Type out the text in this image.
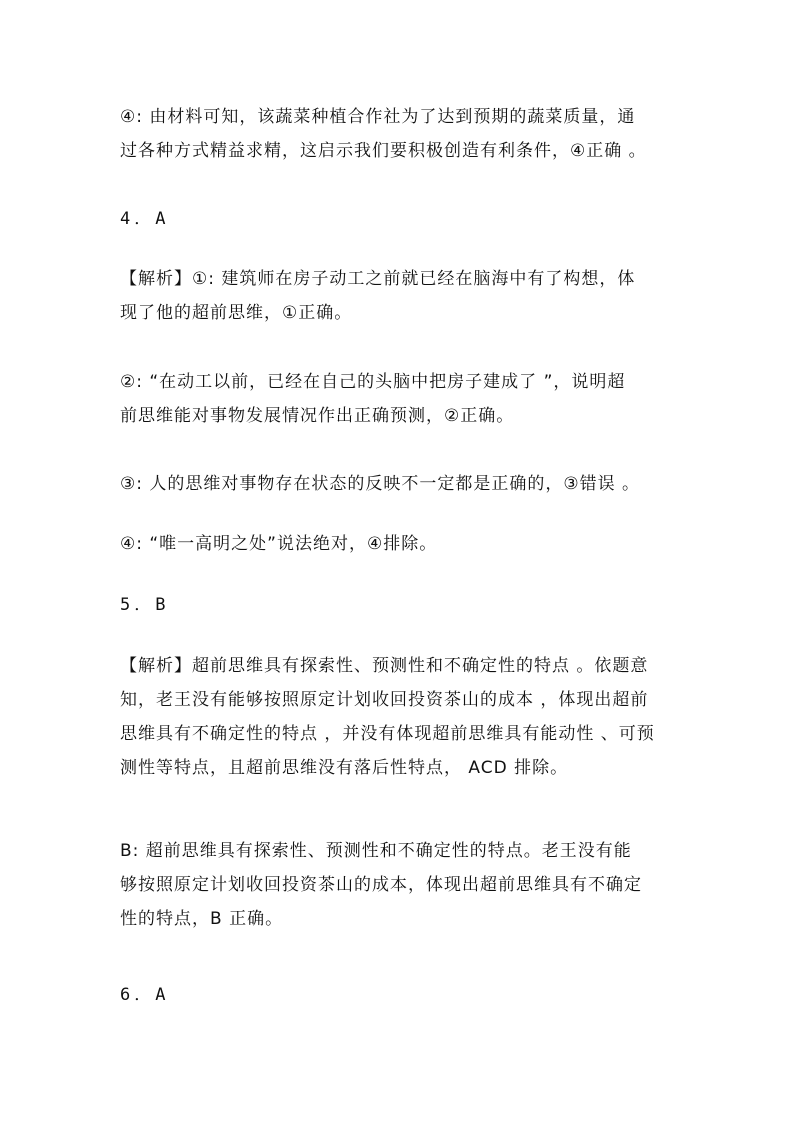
④: 由材料可知，该蔬菜种植合作社为了达到预期的蔬菜质量，通
过各种方式精益求精，这启示我们要积极创造有利条件，④正确 。

4．A

【解析】①: 建筑师在房子动工之前就已经在脑海中有了构想，体
现了他的超前思维，①正确。

②: “在动工以前，已经在自己的头脑中把房子建成了 ”，说明超
前思维能对事物发展情况作出正确预测，②正确。

③: 人的思维对事物存在状态的反映不一定都是正确的，③错误 。

④: “唯一高明之处”说法绝对，④排除。

5．B

【解析】超前思维具有探索性、预测性和不确定性的特点 。依题意
知，老王没有能够按照原定计划收回投资茶山的成本 ，体现出超前
思维具有不确定性的特点 ，并没有体现超前思维具有能动性 、可预
测性等特点，且超前思维没有落后性特点， ACD 排除。

B: 超前思维具有探索性、预测性和不确定性的特点。老王没有能
够按照原定计划收回投资茶山的成本，体现出超前思维具有不确定
性的特点，B 正确。

6．A
